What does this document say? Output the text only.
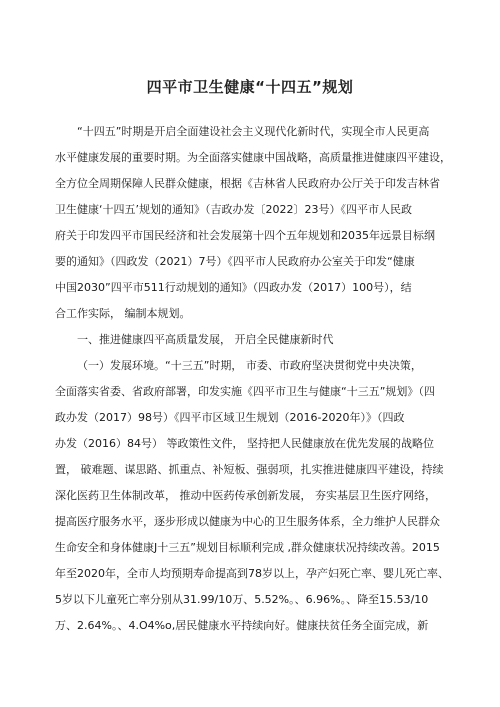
四平市卫生健康“十四五”规划
“十四五”时期是开启全面建设社会主义现代化新时代，实现全市人民更高
水平健康发展的重要时期。为全面落实健康中国战略，高质量推进健康四平建设，
全方位全周期保障人民群众健康，根据《吉林省人民政府办公厅关于印发吉林省
卫生健康‘十四五’规划的通知》（吉政办发〔2022〕23号）《四平市人民政
府关于印发四平市国民经济和社会发展第十四个五年规划和2035年远景目标纲
要的通知》（四政发（2021）7号）《四平市人民政府办公室关于印发“健康
中国2030”四平市511行动规划的通知》（四政办发（2017）100号），结
合工作实际， 编制本规划。
一、推进健康四平高质量发展， 开启全民健康新时代
（一）发展环境。“十三五”时期， 市委、市政府坚决贯彻党中央决策，
全面落实省委、省政府部署，印发实施《四平市卫生与健康“十三五”规划》（四
政办发（2017）98号）《四平市区域卫生规划（2016-2020年）》（四政
办发（2016）84号） 等政策性文件， 坚持把人民健康放在优先发展的战略位
置， 破难题、谋思路、抓重点、补短板、强弱项，扎实推进健康四平建设，持续
深化医药卫生体制改革， 推动中医药传承创新发展， 夯实基层卫生医疗网络，
提高医疗服务水平，逐步形成以健康为中心的卫生服务体系，全力维护人民群众
生命安全和身体健康J十三五”规划目标顺利完成 ,群众健康状况持续改善。2015
年至2020年，全市人均预期寿命提高到78岁以上，孕产妇死亡率、婴儿死亡率、
5岁以下儿童死亡率分别从31.99/10万、5.52%。、6.96%。、降至15.53/10
万、2.64%。、4.O4%o,居民健康水平持续向好。健康扶贫任务全面完成，新
